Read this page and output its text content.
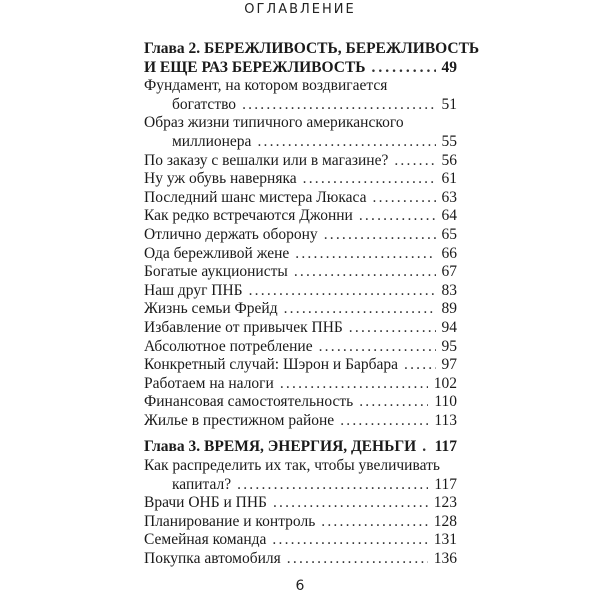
ОГЛАВЛЕНИЕ
Глава 2. БЕРЕЖЛИВОСТЬ, БЕРЕЖЛИВОСТЬ
И ЕЩЕ РАЗ БЕРЕЖЛИВОСТЬ .....	49
Фундамент, на котором воздвигается
богатство .....	51
Образ жизни типичного американского
миллионера .....	55
По заказу с вешалки или в магазине? .....	56
Ну уж обувь наверняка .....	61
Последний шанс мистера Люкаса .....	63
Как редко встречаются Джонни .....	64
Отлично держать оборону .....	65
Ода бережливой жене .....	66
Богатые аукционисты .....	67
Наш друг ПНБ .....	83
Жизнь семьи Фрейд .....	89
Избавление от привычек ПНБ .....	94
Абсолютное потребление .....	95
Конкретный случай: Шэрон и Барбара .....	97
Работаем на налоги .....	102
Финансовая самостоятельность .....	110
Жилье в престижном районе .....	113
Глава 3. ВРЕМЯ, ЭНЕРГИЯ, ДЕНЬГИ ..... 117
Как распределить их так, чтобы увеличивать
капитал? .....	117
Врачи ОНБ и ПНБ .....	123
Планирование и контроль .....	128
Семейная команда .....	131
Покупка автомобиля .....	136
6
